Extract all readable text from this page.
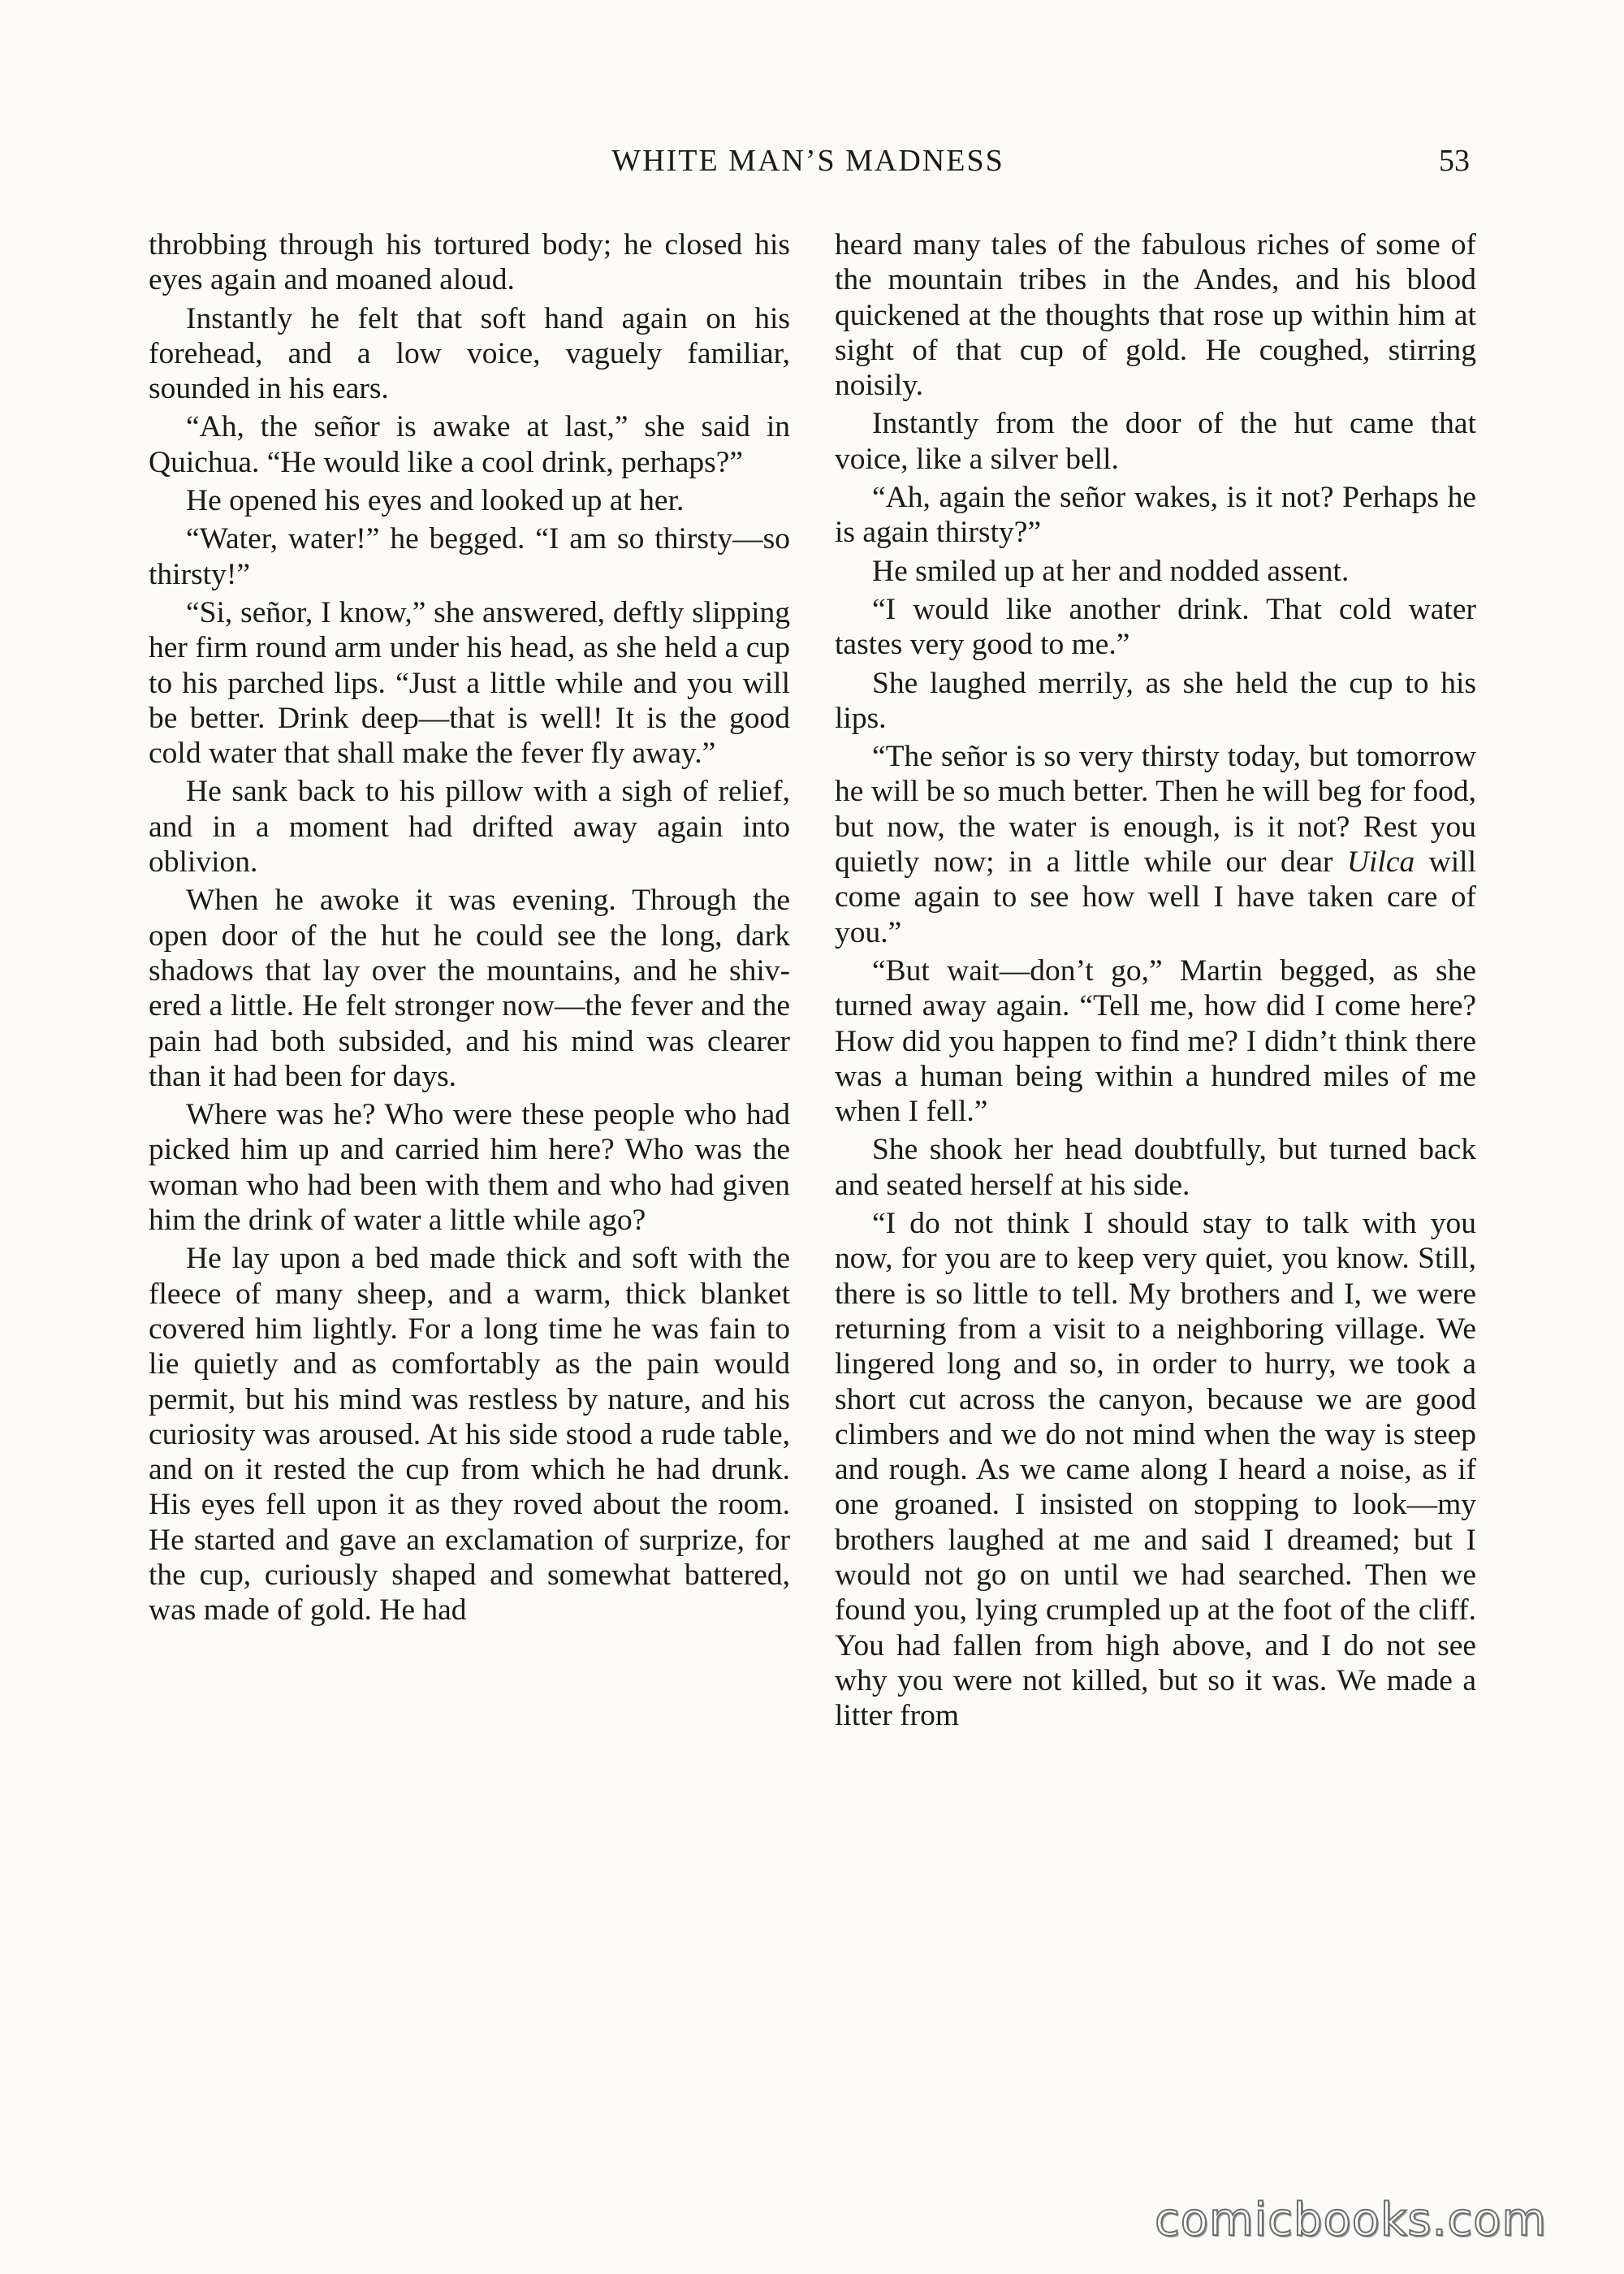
WHITE MAN’S MADNESS	53

throbbing through his tortured body; he closed his eyes again and moaned aloud.

Instantly he felt that soft hand again on his forehead, and a low voice, vaguely familiar, sounded in his ears.

“Ah, the señor is awake at last,” she said in Quichua. “He would like a cool drink, perhaps?”

He opened his eyes and looked up at her.

“Water, water!” he begged. “I am so thirsty—so thirsty!”

“Si, señor, I know,” she answered, deftly slipping her firm round arm under his head, as she held a cup to his parched lips. “Just a little while and you will be better. Drink deep—that is well! It is the good cold water that shall make the fever fly away.”

He sank back to his pillow with a sigh of relief, and in a moment had drifted away again into oblivion.

When he awoke it was evening. Through the open door of the hut he could see the long, dark shadows that lay over the mountains, and he shivered a little. He felt stronger now—the fever and the pain had both subsided, and his mind was clearer than it had been for days.

Where was he? Who were these people who had picked him up and carried him here? Who was the woman who had been with them and who had given him the drink of water a little while ago?

He lay upon a bed made thick and soft with the fleece of many sheep, and a warm, thick blanket covered him lightly. For a long time he was fain to lie quietly and as comfortably as the pain would permit, but his mind was restless by nature, and his curiosity was aroused. At his side stood a rude table, and on it rested the cup from which he had drunk. His eyes fell upon it as they roved about the room. He started and gave an exclamation of surprize, for the cup, curiously shaped and somewhat battered, was made of gold. He had

heard many tales of the fabulous riches of some of the mountain tribes in the Andes, and his blood quickened at the thoughts that rose up within him at sight of that cup of gold. He coughed, stirring noisily.

Instantly from the door of the hut came that voice, like a silver bell.

“Ah, again the señor wakes, is it not? Perhaps he is again thirsty?”

He smiled up at her and nodded assent.

“I would like another drink. That cold water tastes very good to me.”

She laughed merrily, as she held the cup to his lips.

“The señor is so very thirsty today, but tomorrow he will be so much better. Then he will beg for food, but now, the water is enough, is it not? Rest you quietly now; in a little while our dear Uilca will come again to see how well I have taken care of you.”

“But wait—don’t go,” Martin begged, as she turned away again. “Tell me, how did I come here? How did you happen to find me? I didn’t think there was a human being within a hundred miles of me when I fell.”

She shook her head doubtfully, but turned back and seated herself at his side.

“I do not think I should stay to talk with you now, for you are to keep very quiet, you know. Still, there is so little to tell. My brothers and I, we were returning from a visit to a neighboring village. We lingered long and so, in order to hurry, we took a short cut across the canyon, because we are good climbers and we do not mind when the way is steep and rough. As we came along I heard a noise, as if one groaned. I insisted on stopping to look—my brothers laughed at me and said I dreamed; but I would not go on until we had searched. Then we found you, lying crumpled up at the foot of the cliff. You had fallen from high above, and I do not see why you were not killed, but so it was. We made a litter from

comicbooks.com
